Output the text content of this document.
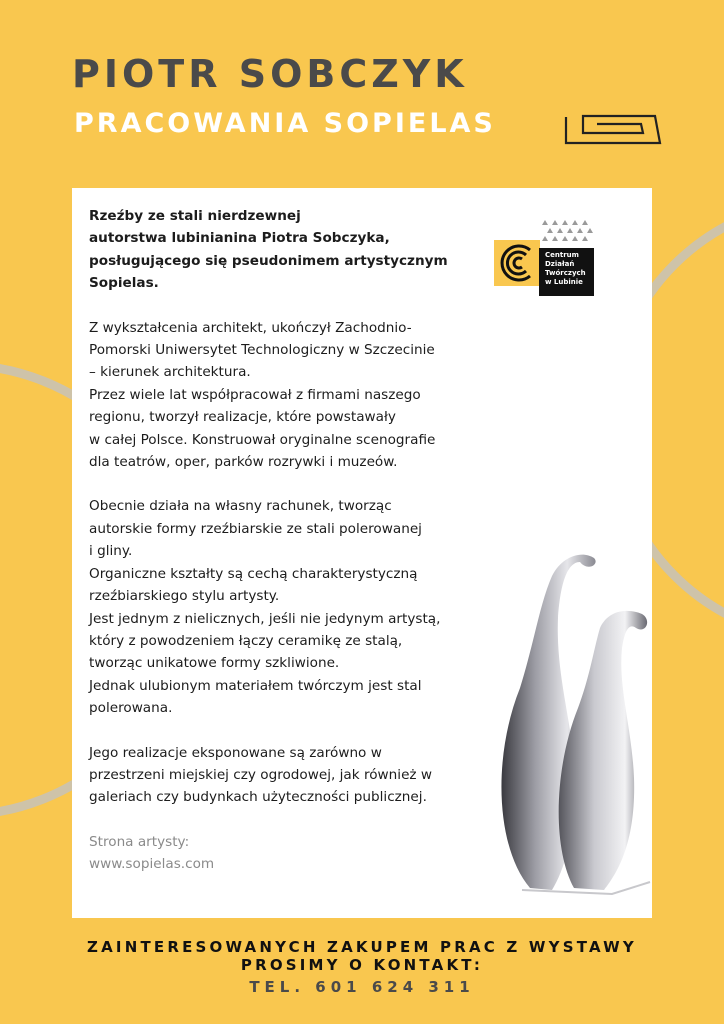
PIOTR SOBCZYK
PRACOWANIA SOPIELAS

Rzeźby ze stali nierdzewnej
autorstwa lubinianina Piotra Sobczyka,
posługującego się pseudonimem artystycznym
Sopielas.

Z wykształcenia architekt, ukończył Zachodnio-
Pomorski Uniwersytet Technologiczny w Szczecinie
– kierunek architektura.
Przez wiele lat współpracował z firmami naszego
regionu, tworzył realizacje, które powstawały
w całej Polsce. Konstruował oryginalne scenografie
dla teatrów, oper, parków rozrywki i muzeów.

Obecnie działa na własny rachunek, tworząc
autorskie formy rzeźbiarskie ze stali polerowanej
i gliny.
Organiczne kształty są cechą charakterystyczną
rzeźbiarskiego stylu artysty.
Jest jednym z nielicznych, jeśli nie jedynym artystą,
który z powodzeniem łączy ceramikę ze stalą,
tworząc unikatowe formy szkliwione.
Jednak ulubionym materiałem twórczym jest stal
polerowana.

Jego realizacje eksponowane są zarówno w
przestrzeni miejskiej czy ogrodowej, jak również w
galeriach czy budynkach użyteczności publicznej.

Strona artysty:
www.sopielas.com

Centrum
Działań
Twórczych
w Lubinie

ZAINTERESOWANYCH ZAKUPEM PRAC Z WYSTAWY

PROSIMY O KONTAKT:

TEL. 601 624 311
